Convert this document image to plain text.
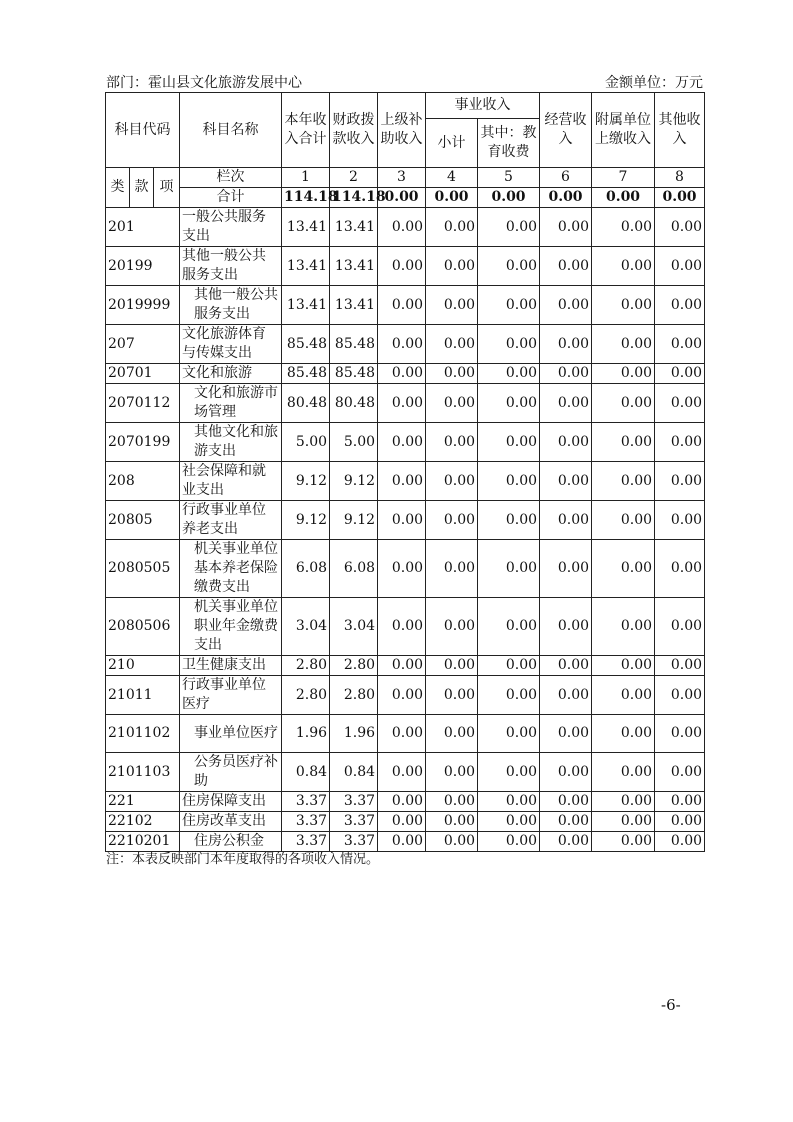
部门：霍山县文化旅游发展中心	金额单位：万元
科目代码			科目名称	本年收入合计	财政拨款收入	上级补助收入	事业收入		经营收入	附属单位上缴收入	其他收入
							小计	其中：教育收费			
类	款	项	栏次	1	2	3	4	5	6	7	8
			合计	114.18	114.18	0.00	0.00	0.00	0.00	0.00	0.00
201			一般公共服务支出	13.41	13.41	0.00	0.00	0.00	0.00	0.00	0.00
20199			其他一般公共服务支出	13.41	13.41	0.00	0.00	0.00	0.00	0.00	0.00
2019999			其他一般公共服务支出	13.41	13.41	0.00	0.00	0.00	0.00	0.00	0.00
207			文化旅游体育与传媒支出	85.48	85.48	0.00	0.00	0.00	0.00	0.00	0.00
20701			文化和旅游	85.48	85.48	0.00	0.00	0.00	0.00	0.00	0.00
2070112			文化和旅游市场管理	80.48	80.48	0.00	0.00	0.00	0.00	0.00	0.00
2070199			其他文化和旅游支出	5.00	5.00	0.00	0.00	0.00	0.00	0.00	0.00
208			社会保障和就业支出	9.12	9.12	0.00	0.00	0.00	0.00	0.00	0.00
20805			行政事业单位养老支出	9.12	9.12	0.00	0.00	0.00	0.00	0.00	0.00
2080505			机关事业单位基本养老保险缴费支出	6.08	6.08	0.00	0.00	0.00	0.00	0.00	0.00
2080506			机关事业单位职业年金缴费支出	3.04	3.04	0.00	0.00	0.00	0.00	0.00	0.00
210			卫生健康支出	2.80	2.80	0.00	0.00	0.00	0.00	0.00	0.00
21011			行政事业单位医疗	2.80	2.80	0.00	0.00	0.00	0.00	0.00	0.00
2101102			事业单位医疗	1.96	1.96	0.00	0.00	0.00	0.00	0.00	0.00
2101103			公务员医疗补助	0.84	0.84	0.00	0.00	0.00	0.00	0.00	0.00
221			住房保障支出	3.37	3.37	0.00	0.00	0.00	0.00	0.00	0.00
22102			住房改革支出	3.37	3.37	0.00	0.00	0.00	0.00	0.00	0.00
2210201			住房公积金	3.37	3.37	0.00	0.00	0.00	0.00	0.00	0.00
注：本表反映部门本年度取得的各项收入情况。
-6-
